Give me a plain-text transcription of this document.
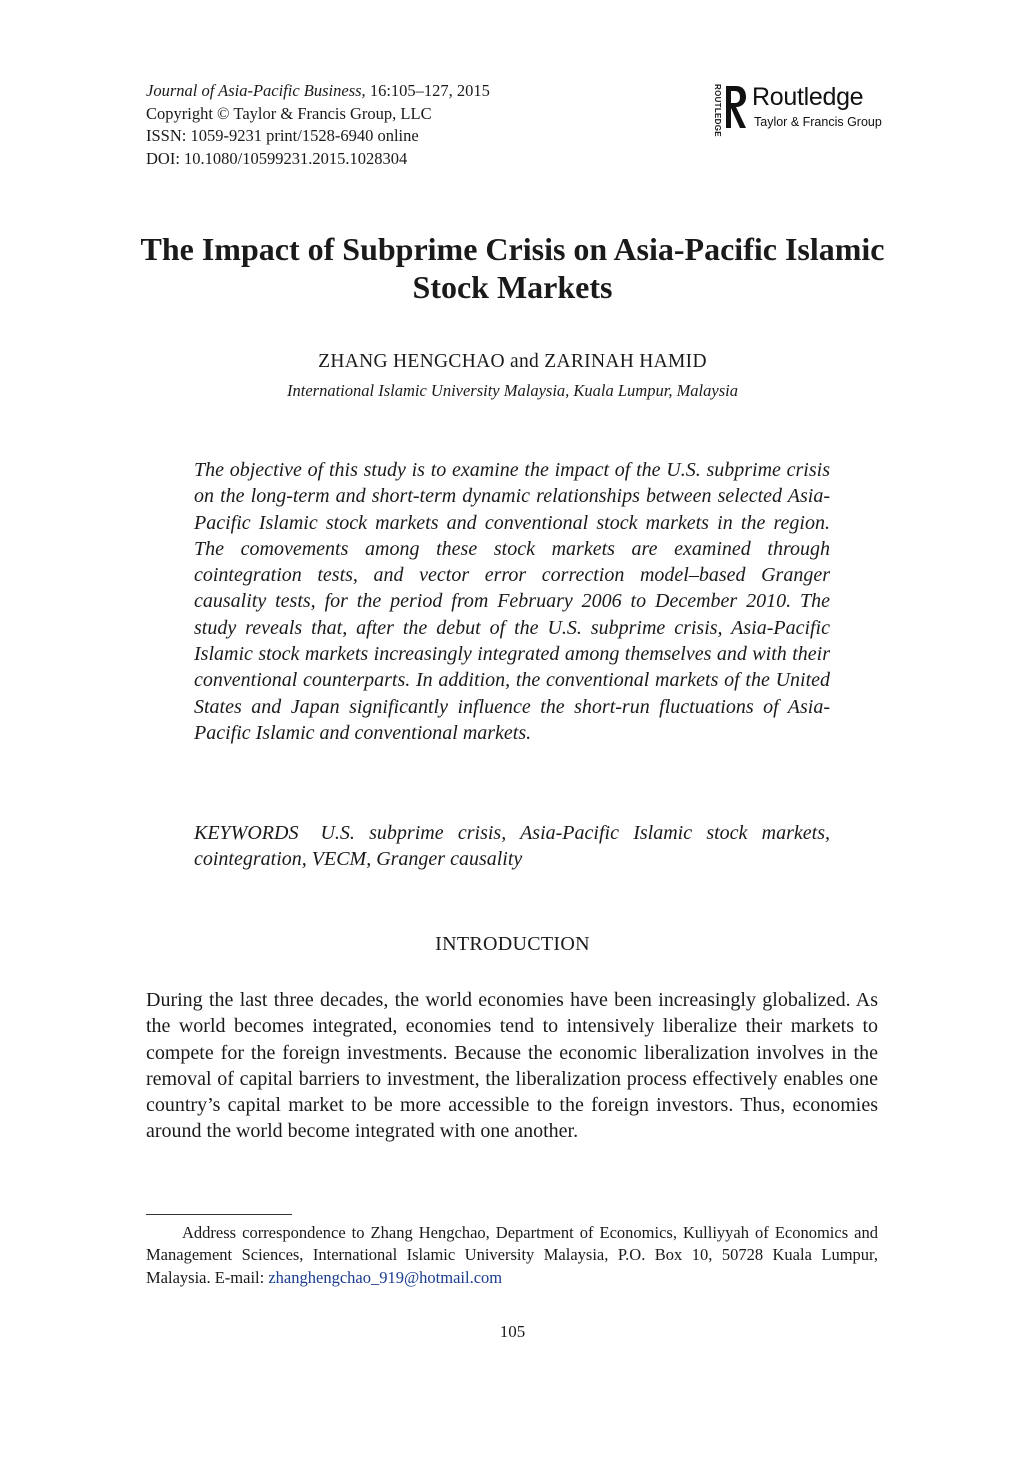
Journal of Asia-Pacific Business, 16:105–127, 2015
Copyright © Taylor & Francis Group, LLC
ISSN: 1059-9231 print/1528-6940 online
DOI: 10.1080/10599231.2015.1028304
ROUTLEDGE Routledge
Taylor & Francis Group
The Impact of Subprime Crisis on Asia-Pacific Islamic Stock Markets
ZHANG HENGCHAO and ZARINAH HAMID
International Islamic University Malaysia, Kuala Lumpur, Malaysia
The objective of this study is to examine the impact of the U.S. subprime crisis on the long-term and short-term dynamic relationships between selected Asia-Pacific Islamic stock markets and conventional stock markets in the region. The comovements among these stock markets are examined through cointegration tests, and vector error correction model–based Granger causality tests, for the period from February 2006 to December 2010. The study reveals that, after the debut of the U.S. subprime crisis, Asia-Pacific Islamic stock markets increasingly integrated among themselves and with their conventional counterparts. In addition, the conventional markets of the United States and Japan significantly influence the short-run fluctuations of Asia-Pacific Islamic and conventional markets.
KEYWORDS U.S. subprime crisis, Asia-Pacific Islamic stock markets, cointegration, VECM, Granger causality
INTRODUCTION
During the last three decades, the world economies have been increasingly globalized. As the world becomes integrated, economies tend to intensively liberalize their markets to compete for the foreign investments. Because the economic liberalization involves in the removal of capital barriers to investment, the liberalization process effectively enables one country’s capital market to be more accessible to the foreign investors. Thus, economies around the world become integrated with one another.
Address correspondence to Zhang Hengchao, Department of Economics, Kulliyyah of Economics and Management Sciences, International Islamic University Malaysia, P.O. Box 10, 50728 Kuala Lumpur, Malaysia. E-mail: zhanghengchao_919@hotmail.com
105
